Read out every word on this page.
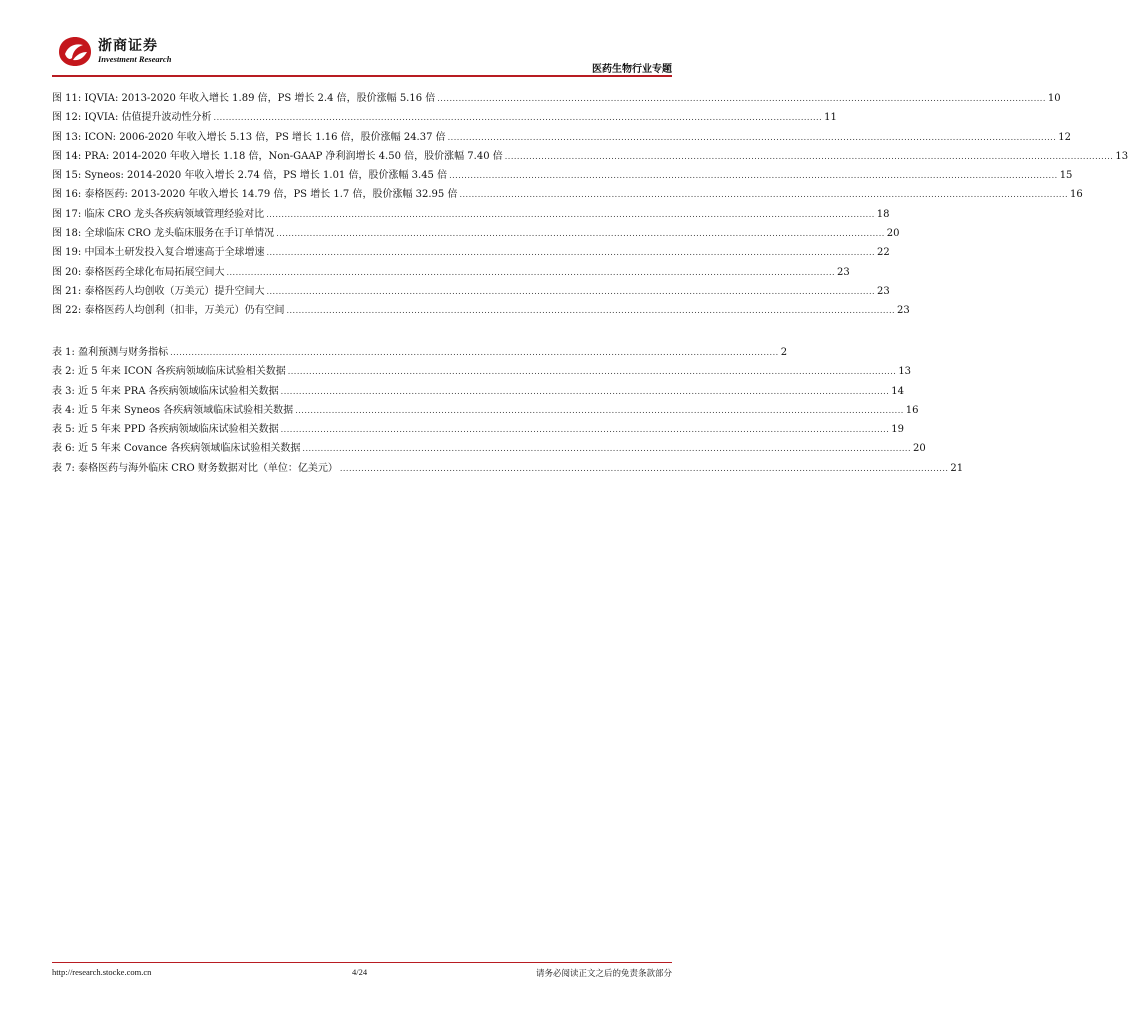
浙商证券
Investment Research
医药生物行业专题
图 11: IQVIA: 2013-2020 年收入增长 1.89 倍，PS 增长 2.4 倍，股价涨幅 5.16 倍 ........................................................................................................................................................................................................ 10
图 12: IQVIA: 估值提升波动性分析 ........................................................................................................................................................................................................ 11
图 13: ICON: 2006-2020 年收入增长 5.13 倍，PS 增长 1.16 倍，股价涨幅 24.37 倍 ........................................................................................................................................................................................................ 12
图 14: PRA: 2014-2020 年收入增长 1.18 倍，Non-GAAP 净利润增长 4.50 倍，股价涨幅 7.40 倍 ........................................................................................................................................................................................................ 13
图 15: Syneos: 2014-2020 年收入增长 2.74 倍，PS 增长 1.01 倍，股价涨幅 3.45 倍 ........................................................................................................................................................................................................ 15
图 16: 泰格医药: 2013-2020 年收入增长 14.79 倍，PS 增长 1.7 倍，股价涨幅 32.95 倍 ........................................................................................................................................................................................................ 16
图 17: 临床 CRO 龙头各疾病领域管理经验对比 ........................................................................................................................................................................................................ 18
图 18: 全球临床 CRO 龙头临床服务在手订单情况 ........................................................................................................................................................................................................ 20
图 19: 中国本土研发投入复合增速高于全球增速 ........................................................................................................................................................................................................ 22
图 20: 泰格医药全球化布局拓展空间大 ........................................................................................................................................................................................................ 23
图 21: 泰格医药人均创收（万美元）提升空间大 ........................................................................................................................................................................................................ 23
图 22: 泰格医药人均创利（扣非，万美元）仍有空间 ........................................................................................................................................................................................................ 23
表 1: 盈利预测与财务指标 ........................................................................................................................................................................................................ 2
表 2: 近 5 年来 ICON 各疾病领域临床试验相关数据 ........................................................................................................................................................................................................ 13
表 3: 近 5 年来 PRA 各疾病领域临床试验相关数据 ........................................................................................................................................................................................................ 14
表 4: 近 5 年来 Syneos 各疾病领域临床试验相关数据 ........................................................................................................................................................................................................ 16
表 5: 近 5 年来 PPD 各疾病领域临床试验相关数据 ........................................................................................................................................................................................................ 19
表 6: 近 5 年来 Covance 各疾病领域临床试验相关数据 ........................................................................................................................................................................................................ 20
表 7: 泰格医药与海外临床 CRO 财务数据对比（单位：亿美元） ........................................................................................................................................................................................................ 21
http://research.stocke.com.cn	4/24	请务必阅读正文之后的免责条款部分
